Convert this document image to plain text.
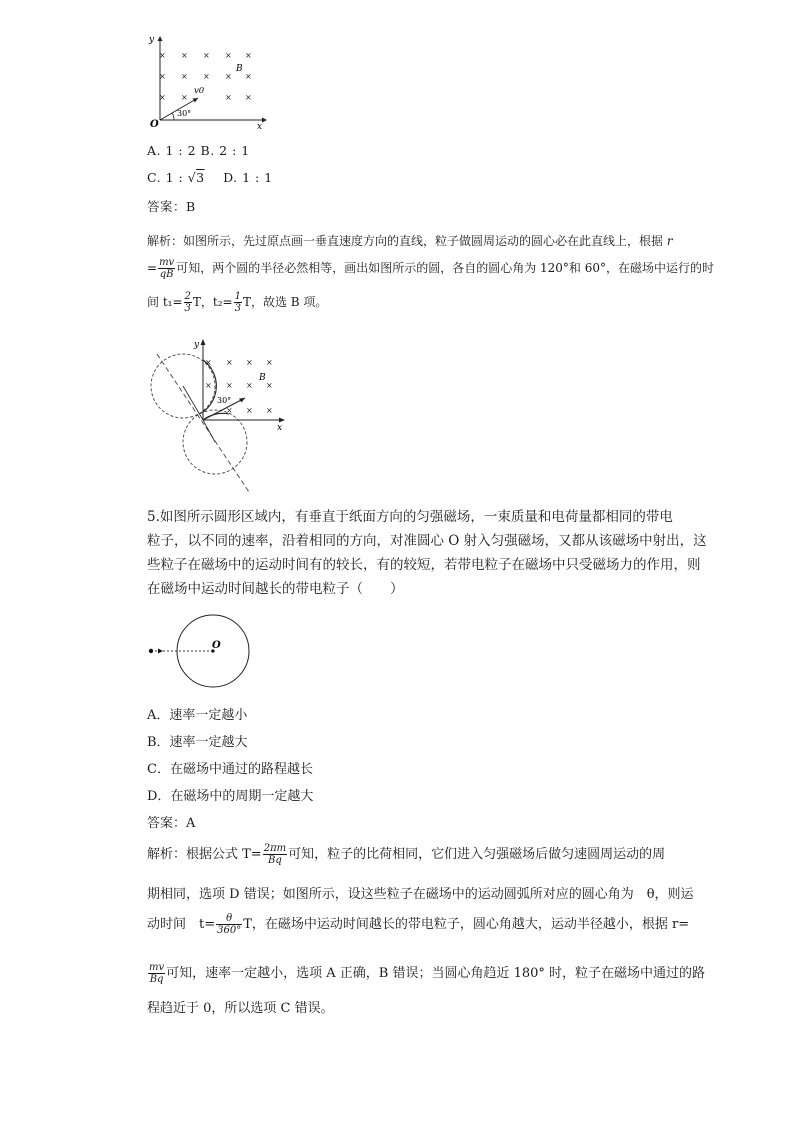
y
x
O
× × × × ×
× × × × ×
× ×	× ×
B
v0
30°
A. 1 : 2 B. 2 : 1
C. 1 : √3 D. 1 : 1
答案：B
解析：如图所示，先过原点画一垂直速度方向的直线，粒子做圆周运动的圆心必在此直线上，根据 r
= $\frac{mv}{qB}$ 可知，两个圆的半径必然相等，画出如图所示的圆，各自的圆心角为 120°和 60°，在磁场中运行的时
间 $t_1= \frac{2}{3}$ T，$t_2= \frac{1}{3}$ T，故选 B 项。
y
x
× × × ×
× × × ×
× × ×
B
30°
5.如图所示圆形区域内，有垂直于纸面方向的匀强磁场，一束质量和电荷量都相同的带电
粒子，以不同的速率，沿着相同的方向，对准圆心 O 射入匀强磁场，又都从该磁场中射出，这
些粒子在磁场中的运动时间有的较长，有的较短，若带电粒子在磁场中只受磁场力的作用，则
在磁场中运动时间越长的带电粒子（　　）
O
A．速率一定越小
B．速率一定越大
C．在磁场中通过的路程越长
D．在磁场中的周期一定越大
答案：A
解析：根据公式 $T= \frac{2\pi m}{Bq}$ 可知，粒子的比荷相同，它们进入匀强磁场后做匀速圆周运动的周
期相同，选项 D 错误；如图所示，设这些粒子在磁场中的运动圆弧所对应的圆心角为　θ，则运
动时间　$t= \frac{\theta}{360^\circ}$ T，在磁场中运动时间越长的带电粒子，圆心角越大，运动半径越小，根据 r=
$\frac{mv}{Bq}$ 可知，速率一定越小，选项 A 正确，B 错误；当圆心角趋近 180° 时，粒子在磁场中通过的路
程趋近于 0，所以选项 C 错误。
